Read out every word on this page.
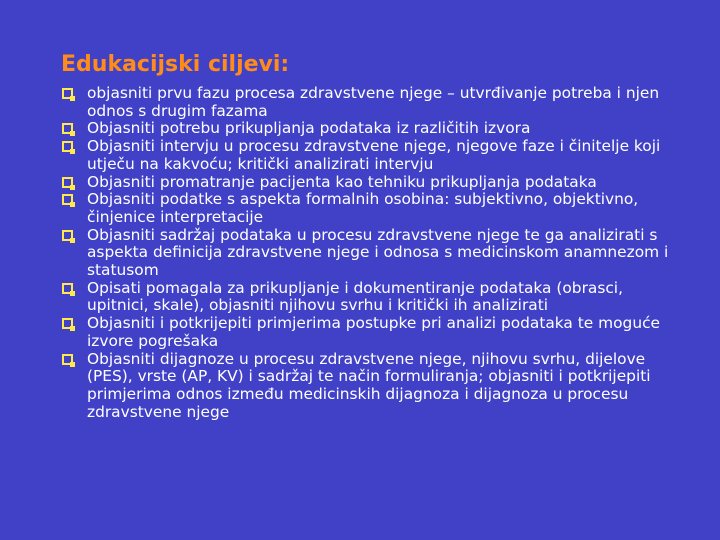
Edukacijski ciljevi:
objasniti prvu fazu procesa zdravstvene njege – utvrđivanje potreba i njen odnos s drugim fazama
Objasniti potrebu prikupljanja podataka iz različitih izvora
Objasniti intervju u procesu zdravstvene njege, njegove faze i činiteljе koji utječu na kakvoću; kritički analizirati intervju
Objasniti promatranje pacijenta kao tehniku prikupljanja podataka
Objasniti podatke s aspekta formalnih osobina: subjektivno, objektivno, činjenice interpretacije
Objasniti sadržaj podataka u procesu zdravstvene njege te ga analizirati s aspekta definicija zdravstvene njege i odnosa s medicinskom anamnezom i statusom
Opisati pomagala za prikupljanje i dokumentiranje podataka (obrasci, upitnici, skale), objasniti njihovu svrhu i kritički ih analizirati
Objasniti i potkrijepiti primjerima postupke pri analizi podataka te moguće izvore pogrešaka
Objasniti dijagnoze u procesu zdravstvene njege, njihovu svrhu, dijelove (PES), vrste (AP, KV) i sadržaj te način formuliranja; objasniti i potkrijepiti primjerima odnos između medicinskih dijagnoza i dijagnoza u procesu zdravstvene njege
